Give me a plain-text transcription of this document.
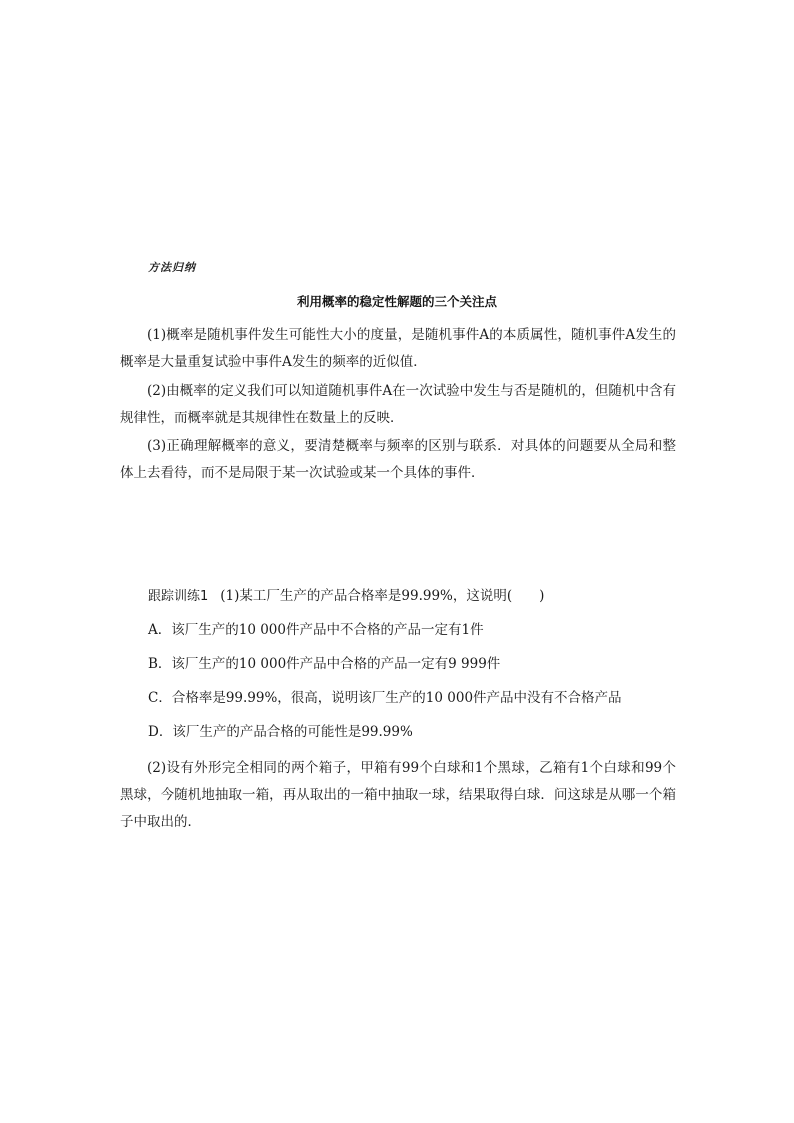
方法归纳
利用概率的稳定性解题的三个关注点

(1)概率是随机事件发生可能性大小的度量，是随机事件A的本质属性，随机事件A发生的概率是大量重复试验中事件A发生的频率的近似值．

(2)由概率的定义我们可以知道随机事件A在一次试验中发生与否是随机的，但随机中含有规律性，而概率就是其规律性在数量上的反映．

(3)正确理解概率的意义，要清楚概率与频率的区别与联系．对具体的问题要从全局和整体上去看待，而不是局限于某一次试验或某一个具体的事件．

跟踪训练1 (1)某工厂生产的产品合格率是99.99%，这说明(　　)
A．该厂生产的10 000件产品中不合格的产品一定有1件
B．该厂生产的10 000件产品中合格的产品一定有9 999件
C．合格率是99.99%，很高，说明该厂生产的10 000件产品中没有不合格产品
D．该厂生产的产品合格的可能性是99.99%

(2)设有外形完全相同的两个箱子，甲箱有99个白球和1个黑球，乙箱有1个白球和99个黑球，今随机地抽取一箱，再从取出的一箱中抽取一球，结果取得白球．问这球是从哪一个箱子中取出的．
